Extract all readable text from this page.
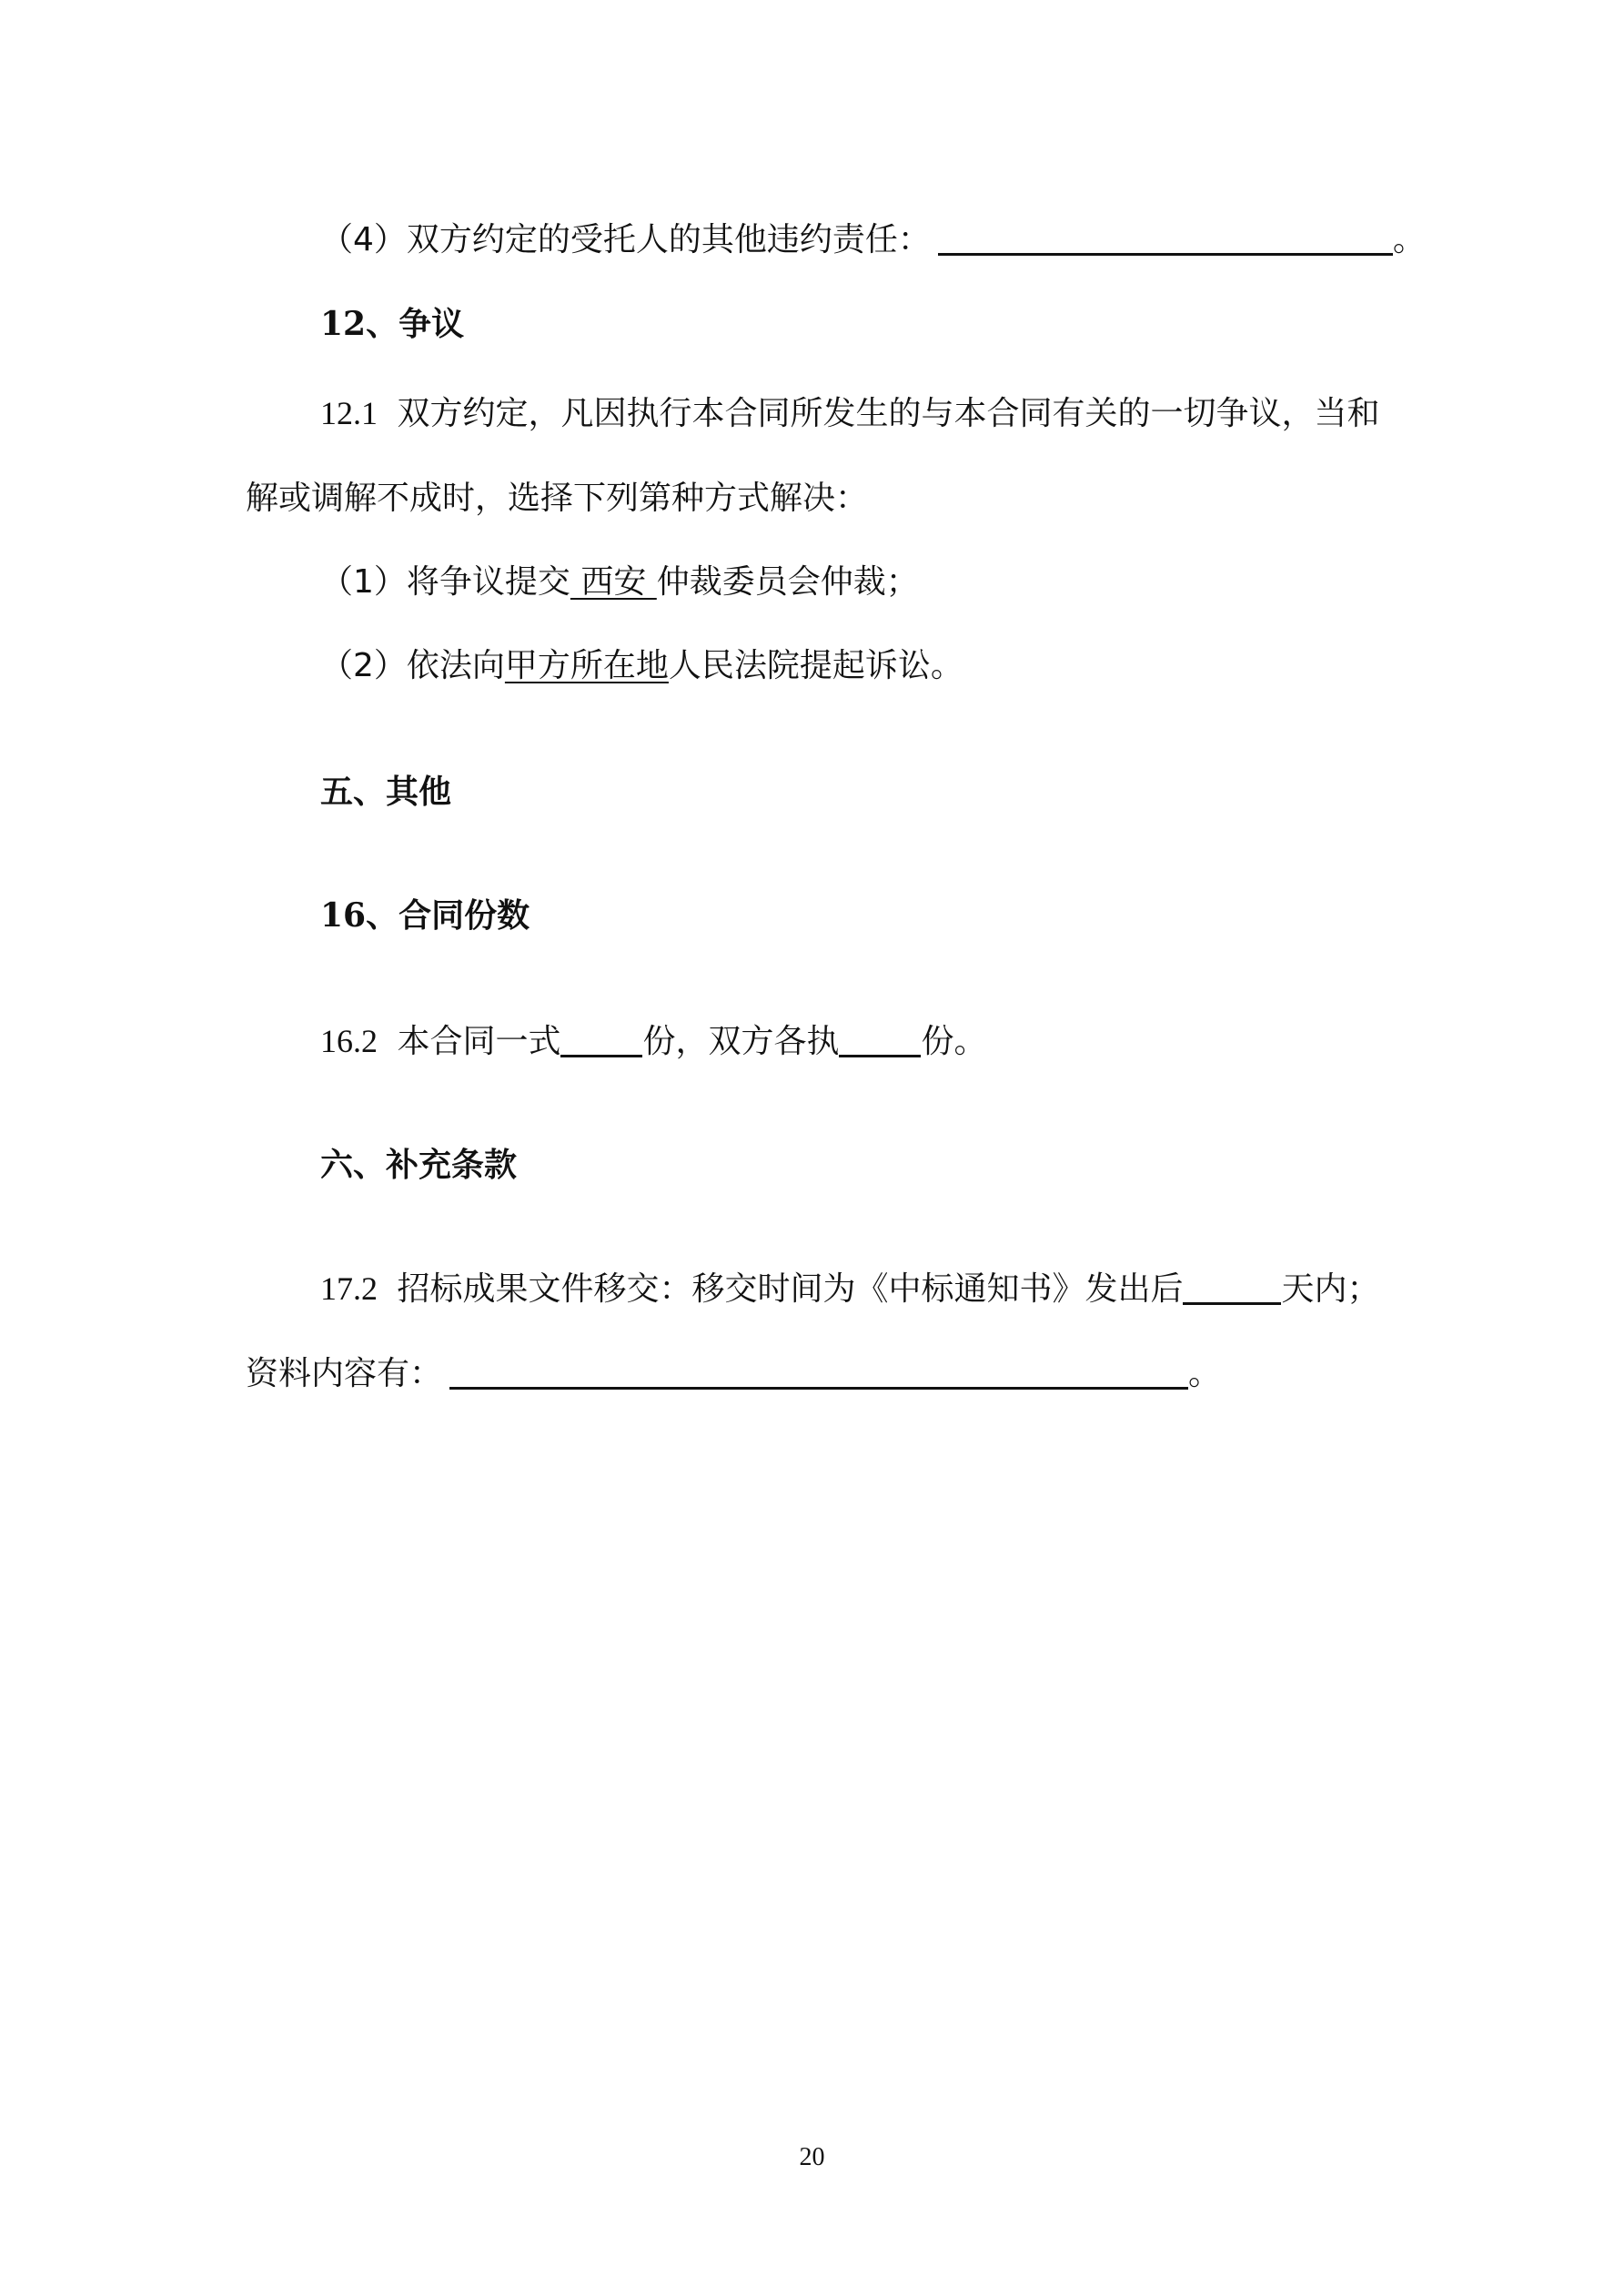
（4）双方约定的受托人的其他违约责任：	。
12、争议
12.1 双方约定，凡因执行本合同所发生的与本合同有关的一切争议，当和
解或调解不成时，选择下列第种方式解决：
（1）将争议提交 西安 仲裁委员会仲裁；
（2）依法向甲方所在地人民法院提起诉讼。
五、其他
16、合同份数
16.2 本合同一式	份，双方各执	份。
六、补充条款
17.2 招标成果文件移交：移交时间为《中标通知书》发出后	天内；
资料内容有：	。
20
